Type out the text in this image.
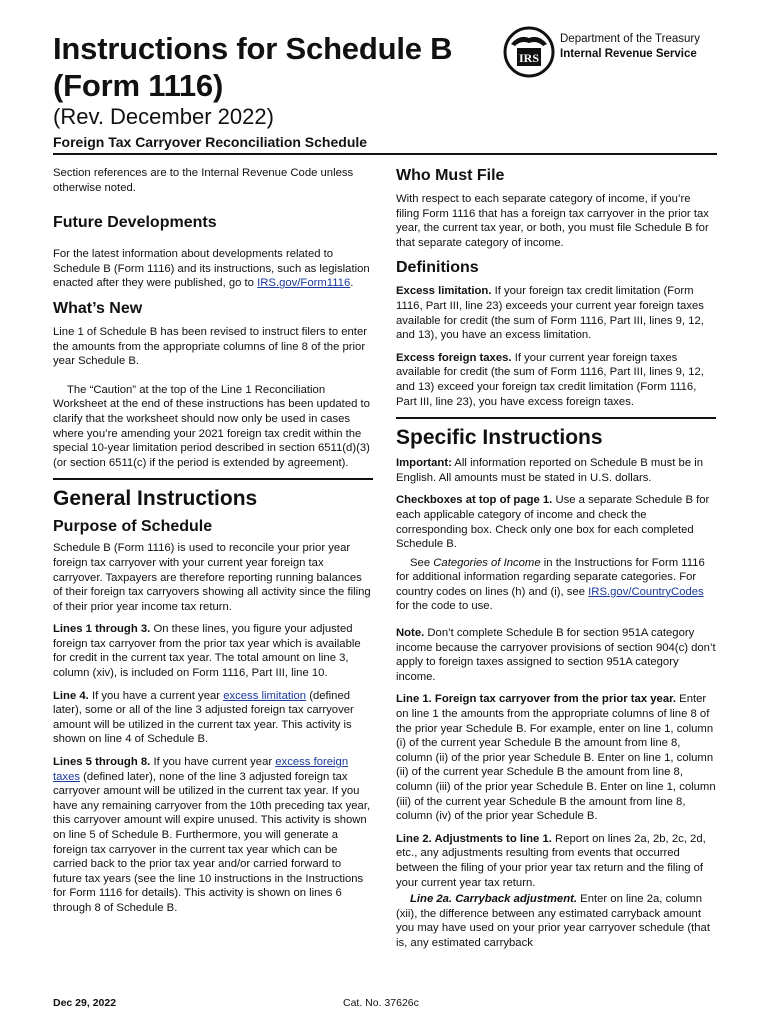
Instructions for Schedule B
(Form 1116)
(Rev. December 2022)
Foreign Tax Carryover Reconciliation Schedule
IRS
Department of the Treasury
Internal Revenue Service

Section references are to the Internal Revenue Code unless otherwise noted.

Future Developments

For the latest information about developments related to Schedule B (Form 1116) and its instructions, such as legislation enacted after they were published, go to IRS.gov/Form1116.

What’s New

Line 1 of Schedule B has been revised to instruct filers to enter the amounts from the appropriate columns of line 8 of the prior year Schedule B.

The “Caution” at the top of the Line 1 Reconciliation Worksheet at the end of these instructions has been updated to clarify that the worksheet should now only be used in cases where you’re amending your 2021 foreign tax credit within the special 10-year limitation period described in section 6511(d)(3) (or section 6511(c) if the period is extended by agreement).

General Instructions
Purpose of Schedule

Schedule B (Form 1116) is used to reconcile your prior year foreign tax carryover with your current year foreign tax carryover. Taxpayers are therefore reporting running balances of their foreign tax carryovers showing all activity since the filing of their prior year income tax return.

Lines 1 through 3. On these lines, you figure your adjusted foreign tax carryover from the prior tax year which is available for credit in the current tax year. The total amount on line 3, column (xiv), is included on Form 1116, Part III, line 10.

Line 4. If you have a current year excess limitation (defined later), some or all of the line 3 adjusted foreign tax carryover amount will be utilized in the current tax year. This activity is shown on line 4 of Schedule B.

Lines 5 through 8. If you have current year excess foreign taxes (defined later), none of the line 3 adjusted foreign tax carryover amount will be utilized in the current tax year. If you have any remaining carryover from the 10th preceding tax year, this carryover amount will expire unused. This activity is shown on line 5 of Schedule B. Furthermore, you will generate a foreign tax carryover in the current tax year which can be carried back to the prior tax year and/or carried forward to future tax years (see the line 10 instructions in the Instructions for Form 1116 for details). This activity is shown on lines 6 through 8 of Schedule B.

Who Must File

With respect to each separate category of income, if you’re filing Form 1116 that has a foreign tax carryover in the prior tax year, the current tax year, or both, you must file Schedule B for that separate category of income.

Definitions

Excess limitation. If your foreign tax credit limitation (Form 1116, Part III, line 23) exceeds your current year foreign taxes available for credit (the sum of Form 1116, Part III, lines 9, 12, and 13), you have an excess limitation.

Excess foreign taxes. If your current year foreign taxes available for credit (the sum of Form 1116, Part III, lines 9, 12, and 13) exceed your foreign tax credit limitation (Form 1116, Part III, line 23), you have excess foreign taxes.

Specific Instructions

Important: All information reported on Schedule B must be in English. All amounts must be stated in U.S. dollars.

Checkboxes at top of page 1. Use a separate Schedule B for each applicable category of income and check the corresponding box. Check only one box for each completed Schedule B.

See Categories of Income in the Instructions for Form 1116 for additional information regarding separate categories. For country codes on lines (h) and (i), see IRS.gov/CountryCodes for the code to use.

Note. Don’t complete Schedule B for section 951A category income because the carryover provisions of section 904(c) don’t apply to foreign taxes assigned to section 951A category income.

Line 1. Foreign tax carryover from the prior tax year. Enter on line 1 the amounts from the appropriate columns of line 8 of the prior year Schedule B. For example, enter on line 1, column (i) of the current year Schedule B the amount from line 8, column (ii) of the prior year Schedule B. Enter on line 1, column (ii) of the current year Schedule B the amount from line 8, column (iii) of the prior year Schedule B. Enter on line 1, column (iii) of the current year Schedule B the amount from line 8, column (iv) of the prior year Schedule B.

Line 2. Adjustments to line 1. Report on lines 2a, 2b, 2c, 2d, etc., any adjustments resulting from events that occurred between the filing of your prior year tax return and the filing of your current year tax return.

Line 2a. Carryback adjustment. Enter on line 2a, column (xii), the difference between any estimated carryback amount you may have used on your prior year carryover schedule (that is, any estimated carryback

Dec 29, 2022	Cat. No. 37626c
